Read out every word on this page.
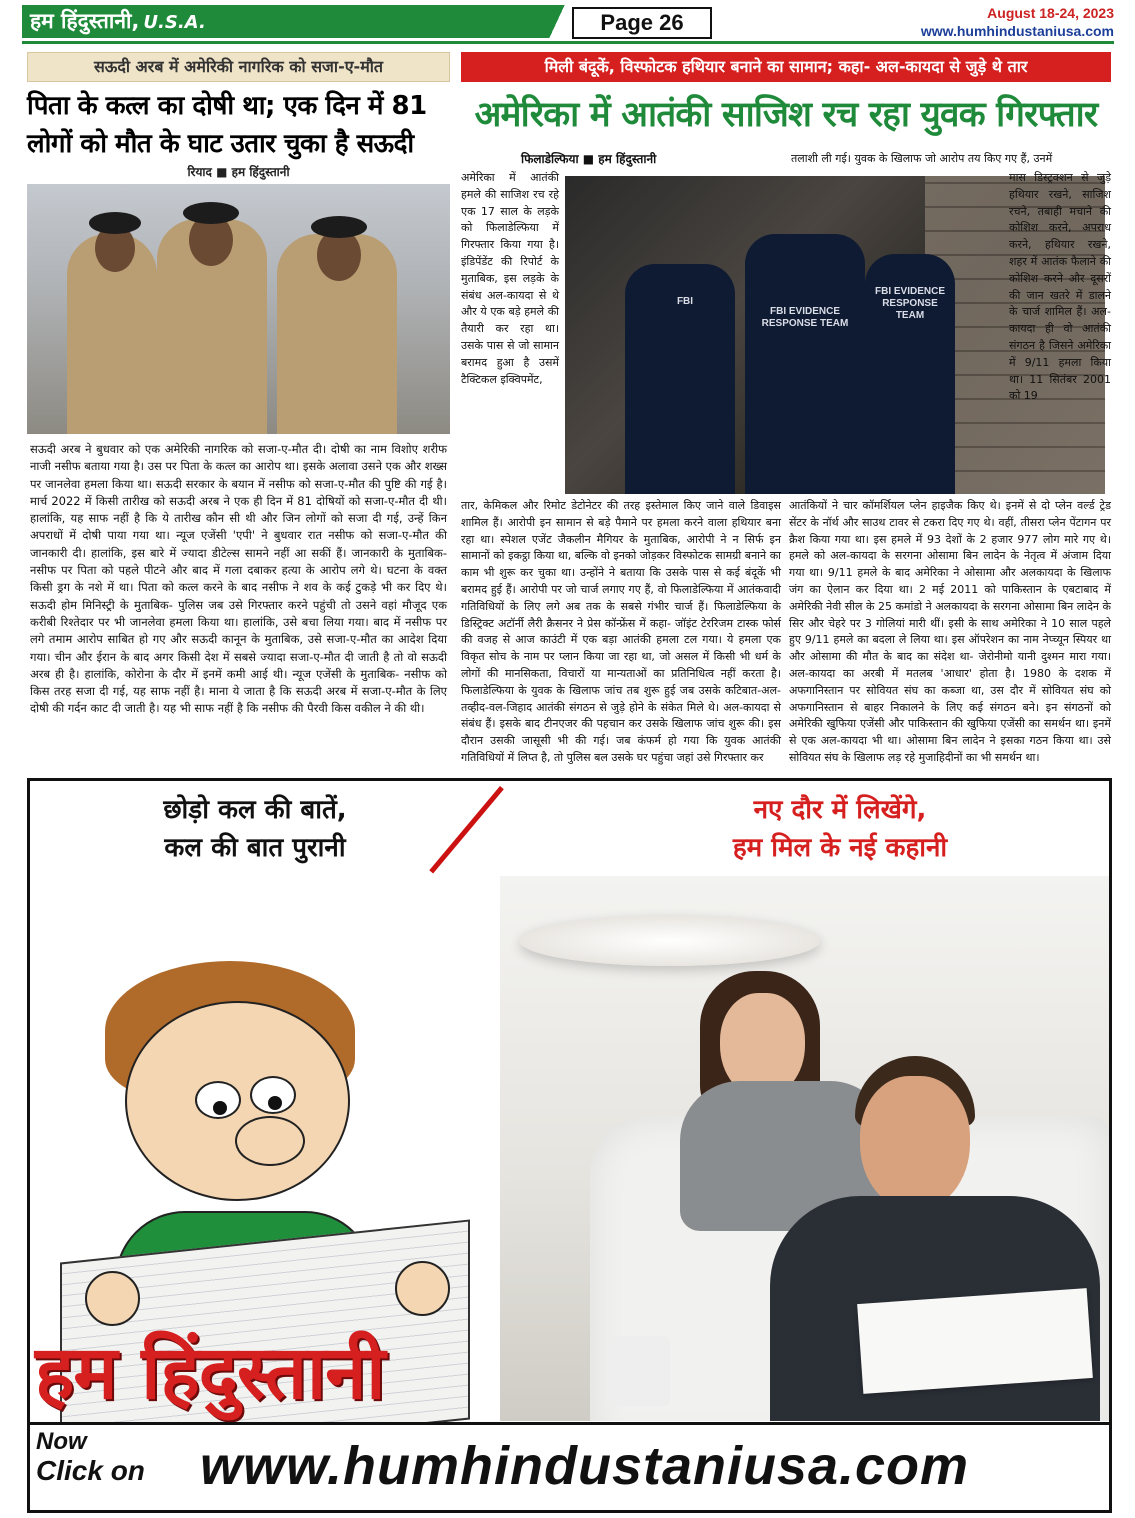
हम हिंदुस्तानी, U.S.A.	Page 26	August 18-24, 2023
www.humhindustaniusa.com
सऊदी अरब में अमेरिकी नागरिक को सजा-ए-मौत
पिता के कत्ल का दोषी था; एक दिन में 81 लोगों को मौत के घाट उतार चुका है सऊदी
रियाद ■ हम हिंदुस्तानी
सऊदी अरब ने बुधवार को एक अमेरिकी नागरिक को सजा-ए-मौत दी। दोषी का नाम विशोए शरीफ नाजी नसीफ बताया गया है। उस पर पिता के कत्ल का आरोप था। इसके अलावा उसने एक और शख्स पर जानलेवा हमला किया था। सऊदी सरकार के बयान में नसीफ को सजा-ए-मौत की पुष्टि की गई है। मार्च 2022 में किसी तारीख को सऊदी अरब ने एक ही दिन में 81 दोषियों को सजा-ए-मौत दी थी। हालांकि, यह साफ नहीं है कि ये तारीख कौन सी थी और जिन लोगों को सजा दी गई, उन्हें किन अपराधों में दोषी पाया गया था। न्यूज एजेंसी 'एपी' ने बुधवार रात नसीफ को सजा-ए-मौत की जानकारी दी। हालांकि, इस बारे में ज्यादा डीटेल्स सामने नहीं आ सकीं हैं। जानकारी के मुताबिक- नसीफ पर पिता को पहले पीटने और बाद में गला दबाकर हत्या के आरोप लगे थे। घटना के वक्त किसी ड्रग के नशे में था। पिता को कत्ल करने के बाद नसीफ ने शव के कई टुकड़े भी कर दिए थे। सऊदी होम मिनिस्ट्री के मुताबिक- पुलिस जब उसे गिरफ्तार करने पहुंची तो उसने वहां मौजूद एक करीबी रिश्तेदार पर भी जानलेवा हमला किया था। हालांकि, उसे बचा लिया गया। बाद में नसीफ पर लगे तमाम आरोप साबित हो गए और सऊदी कानून के मुताबिक, उसे सजा-ए-मौत का आदेश दिया गया। चीन और ईरान के बाद अगर किसी देश में सबसे ज्यादा सजा-ए-मौत दी जाती है तो वो सऊदी अरब ही है। हालांकि, कोरोना के दौर में इनमें कमी आई थी। न्यूज एजेंसी के मुताबिक- नसीफ को किस तरह सजा दी गई, यह साफ नहीं है। माना ये जाता है कि सऊदी अरब में सजा-ए-मौत के लिए दोषी की गर्दन काट दी जाती है। यह भी साफ नहीं है कि नसीफ की पैरवी किस वकील ने की थी।
मिली बंदूकें, विस्फोटक हथियार बनाने का सामान; कहा- अल-कायदा से जुड़े थे तार
अमेरिका में आतंकी साजिश रच रहा युवक गिरफ्तार
फिलाडेल्फिया ■ हम हिंदुस्तानी	तलाशी ली गई। युवक के खिलाफ जो आरोप तय किए गए हैं, उनमें
अमेरिका में आतंकी हमले की साजिश रच रहे एक 17 साल के लड़के को फिलाडेल्फिया में गिरफ्तार किया गया है। इंडिपेंडेंट की रिपोर्ट के मुताबिक, इस लड़के के संबंध अल-कायदा से थे और ये एक बड़े हमले की तैयारी कर रहा था। उसके पास से जो सामान बरामद हुआ है उसमें टैक्टिकल इक्विपमेंट,
FBI EVIDENCE RESPONSE TEAM
FBI EVIDENCE RESPONSE TEAM
FBI
मास डिस्ट्रक्शन से जुड़े हथियार रखने, साजिश रचने, तबाही मचाने की कोशिश करने, अपराध करने, हथियार रखने, शहर में आतंक फैलाने की कोशिश करने और दूसरों की जान खतरे में डालने के चार्ज शामिल हैं। अल-कायदा ही वो आतंकी संगठन है जिसने अमेरिका में 9/11 हमला किया था। 11 सितंबर 2001 को 19
तार, केमिकल और रिमोट डेटोनेटर की तरह इस्तेमाल किए जाने वाले डिवाइस शामिल हैं। आरोपी इन सामान से बड़े पैमाने पर हमला करने वाला हथियार बना रहा था। स्पेशल एजेंट जैकलीन मैगियर के मुताबिक, आरोपी ने न सिर्फ इन सामानों को इकट्ठा किया था, बल्कि वो इनको जोड़कर विस्फोटक सामग्री बनाने का काम भी शुरू कर चुका था। उन्होंने ने बताया कि उसके पास से कई बंदूकें भी बरामद हुई हैं। आरोपी पर जो चार्ज लगाए गए हैं, वो फिलाडेल्फिया में आतंकवादी गतिविधियों के लिए लगे अब तक के सबसे गंभीर चार्ज हैं। फिलाडेल्फिया के डिस्ट्रिक्ट अटॉर्नी लैरी क्रैसनर ने प्रेस कॉन्फ्रेंस में कहा- जॉइंट टेररिजम टास्क फोर्स की वजह से आज काउंटी में एक बड़ा आतंकी हमला टल गया। ये हमला एक विकृत सोच के नाम पर प्लान किया जा रहा था, जो असल में किसी भी धर्म के लोगों की मानसिकता, विचारों या मान्यताओं का प्रतिनिधित्व नहीं करता है। फिलाडेल्फिया के युवक के खिलाफ जांच तब शुरू हुई जब उसके कटिबात-अल-तव्हीद-वल-जिहाद आतंकी संगठन से जुड़े होने के संकेत मिले थे। अल-कायदा से संबंध हैं। इसके बाद टीनएजर की पहचान कर उसके खिलाफ जांच शुरू की। इस दौरान उसकी जासूसी भी की गई। जब कंफर्म हो गया कि युवक आतंकी गतिविधियों में लिप्त है, तो पुलिस बल उसके घर पहुंचा जहां उसे गिरफ्तार कर
आतंकियों ने चार कॉमर्शियल प्लेन हाइजैक किए थे। इनमें से दो प्लेन वर्ल्ड ट्रेड सेंटर के नॉर्थ और साउथ टावर से टकरा दिए गए थे। वहीं, तीसरा प्लेन पेंटागन पर क्रैश किया गया था। इस हमले में 93 देशों के 2 हजार 977 लोग मारे गए थे। हमले को अल-कायदा के सरगना ओसामा बिन लादेन के नेतृत्व में अंजाम दिया गया था। 9/11 हमले के बाद अमेरिका ने ओसामा और अलकायदा के खिलाफ जंग का ऐलान कर दिया था। 2 मई 2011 को पाकिस्तान के एबटाबाद में अमेरिकी नेवी सील के 25 कमांडो ने अलकायदा के सरगना ओसामा बिन लादेन के सिर और चेहरे पर 3 गोलियां मारी थीं। इसी के साथ अमेरिका ने 10 साल पहले हुए 9/11 हमले का बदला ले लिया था। इस ऑपरेशन का नाम नेप्च्यून स्पियर था और ओसामा की मौत के बाद का संदेश था- जेरोनीमो यानी दुश्मन मारा गया। अल-कायदा का अरबी में मतलब 'आधार' होता है। 1980 के दशक में अफगानिस्तान पर सोवियत संघ का कब्जा था, उस दौर में सोवियत संघ को अफगानिस्तान से बाहर निकालने के लिए कई संगठन बने। इन संगठनों को अमेरिकी खुफिया एजेंसी और पाकिस्तान की खुफिया एजेंसी का समर्थन था। इनमें से एक अल-कायदा भी था। ओसामा बिन लादेन ने इसका गठन किया था। उसे सोवियत संघ के खिलाफ लड़ रहे मुजाहिदीनों का भी समर्थन था।
छोड़ो कल की बातें,
कल की बात पुरानी
नए दौर में लिखेंगे,
हम मिल के नई कहानी
हम हिंदुस्तानी
Now
Click on www.humhindustaniusa.com
